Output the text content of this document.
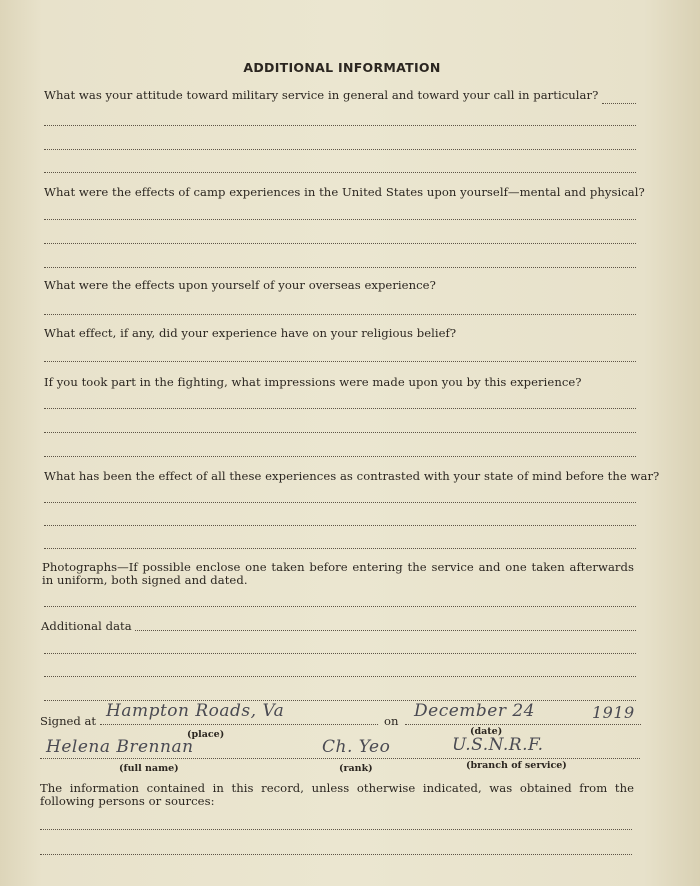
ADDITIONAL INFORMATION
What was your attitude toward military service in general and toward your call in particular?
What were the effects of camp experiences in the United States upon yourself—mental and physical?
What were the effects upon yourself of your overseas experience?
What effect, if any, did your experience have on your religious belief?
If you took part in the fighting, what impressions were made upon you by this experience?
What has been the effect of all these experiences as contrasted with your state of mind before the war?
Photographs—If possible enclose one taken before entering the service and one taken afterwards in uniform, both signed and dated.
Additional data
Signed at Hampton Roads, Va	on December 24	1919
(place)	(date)
Helena Brennan	Ch. Yeo	U.S.N.R.F.
(full name)	(rank)	(branch of service)
The information contained in this record, unless otherwise indicated, was obtained from the following persons or sources:
